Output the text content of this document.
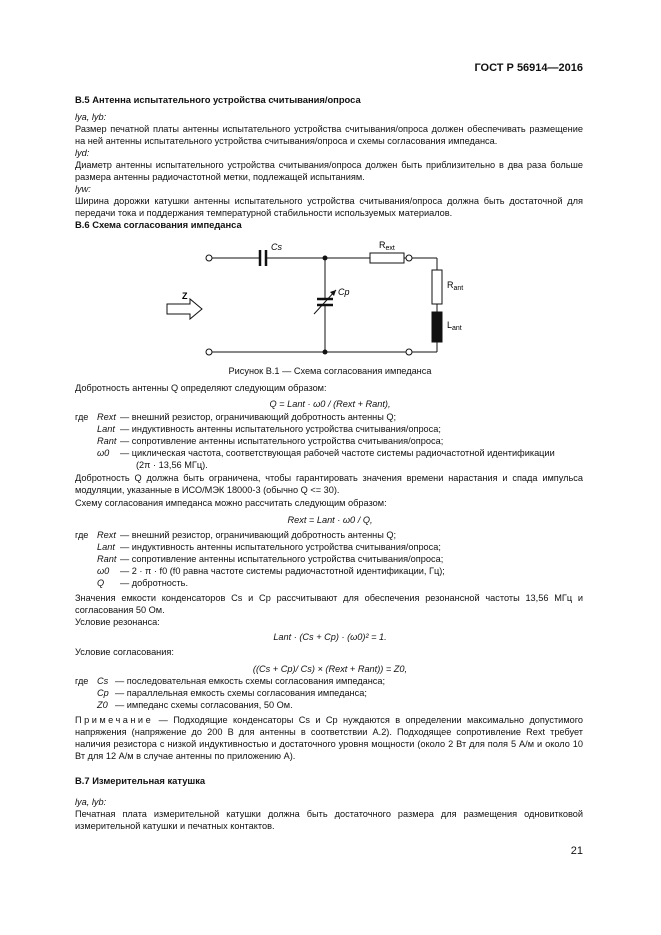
ГОСТ Р 56914—2016
В.5 Антенна испытательного устройства считывания/опроса
lya, lyb:
Размер печатной платы антенны испытательного устройства считывания/опроса должен обеспечивать размещение на ней антенны испытательного устройства считывания/опроса и схемы согласования импеданса.
lyd:
Диаметр антенны испытательного устройства считывания/опроса должен быть приблизительно в два раза больше размера антенны радиочастотной метки, подлежащей испытаниям.
lyw:
Ширина дорожки катушки антенны испытательного устройства считывания/опроса должна быть достаточной для передачи тока и поддержания температурной стабильности используемых материалов.
В.6 Схема согласования импеданса
Cs	$R_{ext}$
$R_{ant}$
$L_{ant}$
Cp
Z
Рисунок В.1 — Схема согласования импеданса
Добротность антенны Q определяют следующим образом:
Q = Lant · ω0 / (Rext + Rant),
где Rext — внешний резистор, ограничивающий добротность антенны Q;
Lant — индуктивность антенны испытательного устройства считывания/опроса;
Rant — сопротивление антенны испытательного устройства считывания/опроса;
ω0	— циклическая частота, соответствующая рабочей частоте системы радиочастотной идентификации
(2π · 13,56 МГц).
Добротность Q должна быть ограничена, чтобы гарантировать значения времени нарастания и спада импульса модуляции, указанные в ИСО/МЭК 18000-3 (обычно Q <= 30).
Схему согласования импеданса можно рассчитать следующим образом:
Rext = Lant · ω0 / Q,
где Rext — внешний резистор, ограничивающий добротность антенны Q;
Lant — индуктивность антенны испытательного устройства считывания/опроса;
Rant — сопротивление антенны испытательного устройства считывания/опроса;
ω0	— 2 · π · f0 (f0 равна частоте системы радиочастотной идентификации, Гц);
Q	— добротность.
Значения емкости конденсаторов Cs и Cp рассчитывают для обеспечения резонансной частоты 13,56 МГц и согласования 50 Ом.
Условие резонанса:
Lant · (Cs + Cp) · (ω0)² = 1.
Условие согласования:
((Cs + Cp)/ Cs) × (Rext + Rant)) = Z0,
где Cs — последовательная емкость схемы согласования импеданса;
Cp — параллельная емкость схемы согласования импеданса;
Z0 — импеданс схемы согласования, 50 Ом.
Примечание — Подходящие конденсаторы Cs и Cp нуждаются в определении максимально допустимого напряжения (напряжение до 200 В для антенны в соответствии А.2). Подходящее сопротивление Rext требует наличия резистора с низкой индуктивностью и достаточного уровня мощности (около 2 Вт для поля 5 А/м и около 10 Вт для 12 А/м в случае антенны по приложению А).
В.7 Измерительная катушка
lya, lyb:
Печатная плата измерительной катушки должна быть достаточного размера для размещения одновитковой измерительной катушки и печатных контактов.
21
